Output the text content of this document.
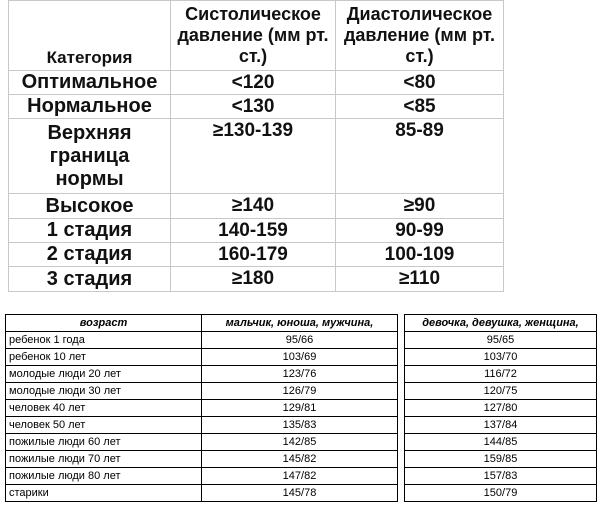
Категория	Систолическое давление (мм рт. ст.)	Диастолическое давление (мм рт. ст.)
Оптимальное	<120	<80
Нормальное	<130	<85
Верхняя граница нормы	≥130-139	85-89
Высокое	≥140	≥90
1 стадия	140-159	90-99
2 стадия	160-179	100-109
3 стадия	≥180	≥110
возраст	мальчик, юноша, мужчина,		девочка, девушка, женщина,
ребенок 1 года	95/66		95/65
ребенок 10 лет	103/69		103/70
молодые люди 20 лет	123/76		116/72
молодые люди 30 лет	126/79		120/75
человек 40 лет	129/81		127/80
человек 50 лет	135/83		137/84
пожилые люди 60 лет	142/85		144/85
пожилые люди 70 лет	145/82		159/85
пожилые люди 80 лет	147/82		157/83
старики	145/78		150/79
